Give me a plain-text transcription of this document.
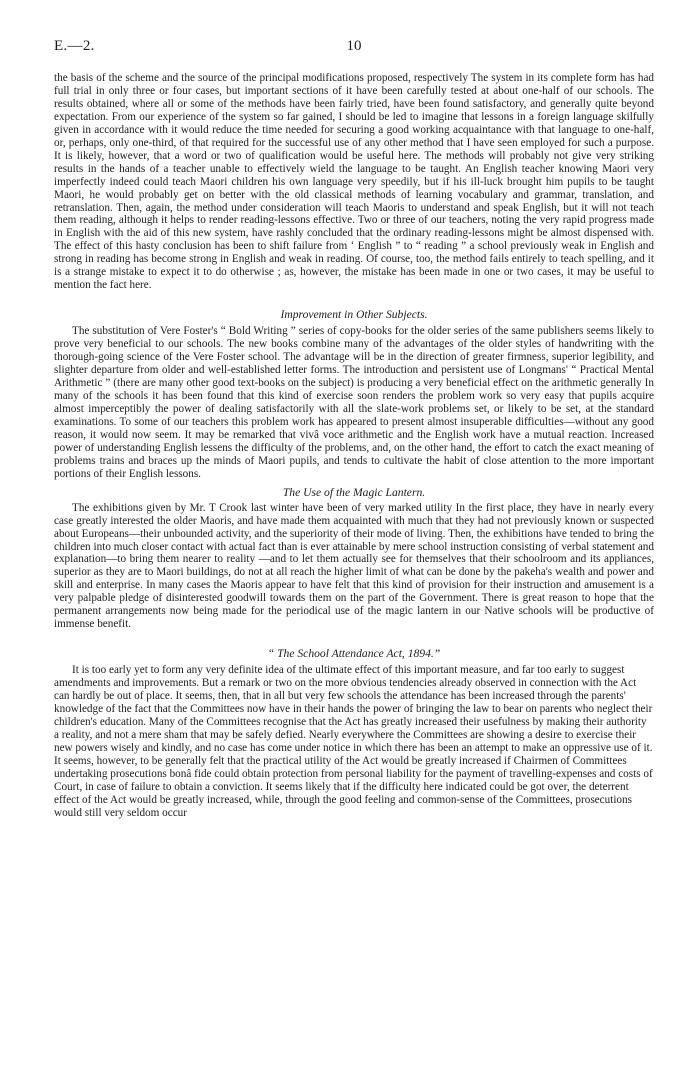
E.—2.	10

the basis of the scheme and the source of the principal modifications proposed, respectively The system in its complete form has had full trial in only three or four cases, but important sections of it have been carefully tested at about one-half of our schools. The results obtained, where all or some of the methods have been fairly tried, have been found satisfactory, and generally quite beyond expectation. From our experience of the system so far gained, I should be led to imagine that lessons in a foreign language skilfully given in accordance with it would reduce the time needed for securing a good working acquaintance with that language to one-half, or, perhaps, only one-third, of that required for the successful use of any other method that I have seen employed for such a purpose. It is likely, however, that a word or two of qualification would be useful here. The methods will probably not give very striking results in the hands of a teacher unable to effectively wield the language to be taught. An English teacher knowing Maori very imperfectly indeed could teach Maori children his own language very speedily, but if his ill-luck brought him pupils to be taught Maori, he would probably get on better with the old classical methods of learning vocabulary and grammar, translation, and retranslation. Then, again, the method under consideration will teach Maoris to understand and speak English, but it will not teach them reading, although it helps to render reading-lessons effective. Two or three of our teachers, noting the very rapid progress made in English with the aid of this new system, have rashly concluded that the ordinary reading-lessons might be almost dispensed with. The effect of this hasty conclusion has been to shift failure from ‘ English ” to “ reading ” a school previously weak in English and strong in reading has become strong in English and weak in reading. Of course, too, the method fails entirely to teach spelling, and it is a strange mistake to expect it to do otherwise ; as, however, the mistake has been made in one or two cases, it may be useful to mention the fact here.

Improvement in Other Subjects.

The substitution of Vere Foster's “ Bold Writing ” series of copy-books for the older series of the same publishers seems likely to prove very beneficial to our schools. The new books combine many of the advantages of the older styles of handwriting with the thorough-going science of the Vere Foster school. The advantage will be in the direction of greater firmness, superior legibility, and slighter departure from older and well-established letter forms. The introduction and persistent use of Longmans' “ Practical Mental Arithmetic ” (there are many other good text-books on the subject) is producing a very beneficial effect on the arithmetic generally In many of the schools it has been found that this kind of exercise soon renders the problem work so very easy that pupils acquire almost imperceptibly the power of dealing satisfactorily with all the slate-work problems set, or likely to be set, at the standard examinations. To some of our teachers this problem work has appeared to present almost insuperable difficulties—without any good reason, it would now seem. It may be remarked that vivâ voce arithmetic and the English work have a mutual reaction. Increased power of understanding English lessens the difficulty of the problems, and, on the other hand, the effort to catch the exact meaning of problems trains and braces up the minds of Maori pupils, and tends to cultivate the habit of close attention to the more important portions of their English lessons.

The Use of the Magic Lantern.

The exhibitions given by Mr. T Crook last winter have been of very marked utility In the first place, they have in nearly every case greatly interested the older Maoris, and have made them acquainted with much that they had not previously known or suspected about Europeans—their unbounded activity, and the superiority of their mode of living. Then, the exhibitions have tended to bring the children into much closer contact with actual fact than is ever attainable by mere school instruction consisting of verbal statement and explanation—to bring them nearer to reality —and to let them actually see for themselves that their schoolroom and its appliances, superior as they are to Maori buildings, do not at all reach the higher limit of what can be done by the pakeha's wealth and power and skill and enterprise. In many cases the Maoris appear to have felt that this kind of provision for their instruction and amusement is a very palpable pledge of disinterested goodwill towards them on the part of the Government. There is great reason to hope that the permanent arrangements now being made for the periodical use of the magic lantern in our Native schools will be productive of immense benefit.

“ The School Attendance Act, 1894.”

It is too early yet to form any very definite idea of the ultimate effect of this important measure, and far too early to suggest amendments and improvements. But a remark or two on the more obvious tendencies already observed in connection with the Act can hardly be out of place. It seems, then, that in all but very few schools the attendance has been increased through the parents' knowledge of the fact that the Committees now have in their hands the power of bringing the law to bear on parents who neglect their children's education. Many of the Committees recognise that the Act has greatly increased their usefulness by making their authority a reality, and not a mere sham that may be safely defied. Nearly everywhere the Committees are showing a desire to exercise their new powers wisely and kindly, and no case has come under notice in which there has been an attempt to make an oppressive use of it. It seems, however, to be generally felt that the practical utility of the Act would be greatly increased if Chairmen of Committees undertaking prosecutions bonâ fide could obtain protection from personal liability for the payment of travelling-expenses and costs of Court, in case of failure to obtain a conviction. It seems likely that if the difficulty here indicated could be got over, the deterrent effect of the Act would be greatly increased, while, through the good feeling and common-sense of the Committees, prosecutions would still very seldom occur
